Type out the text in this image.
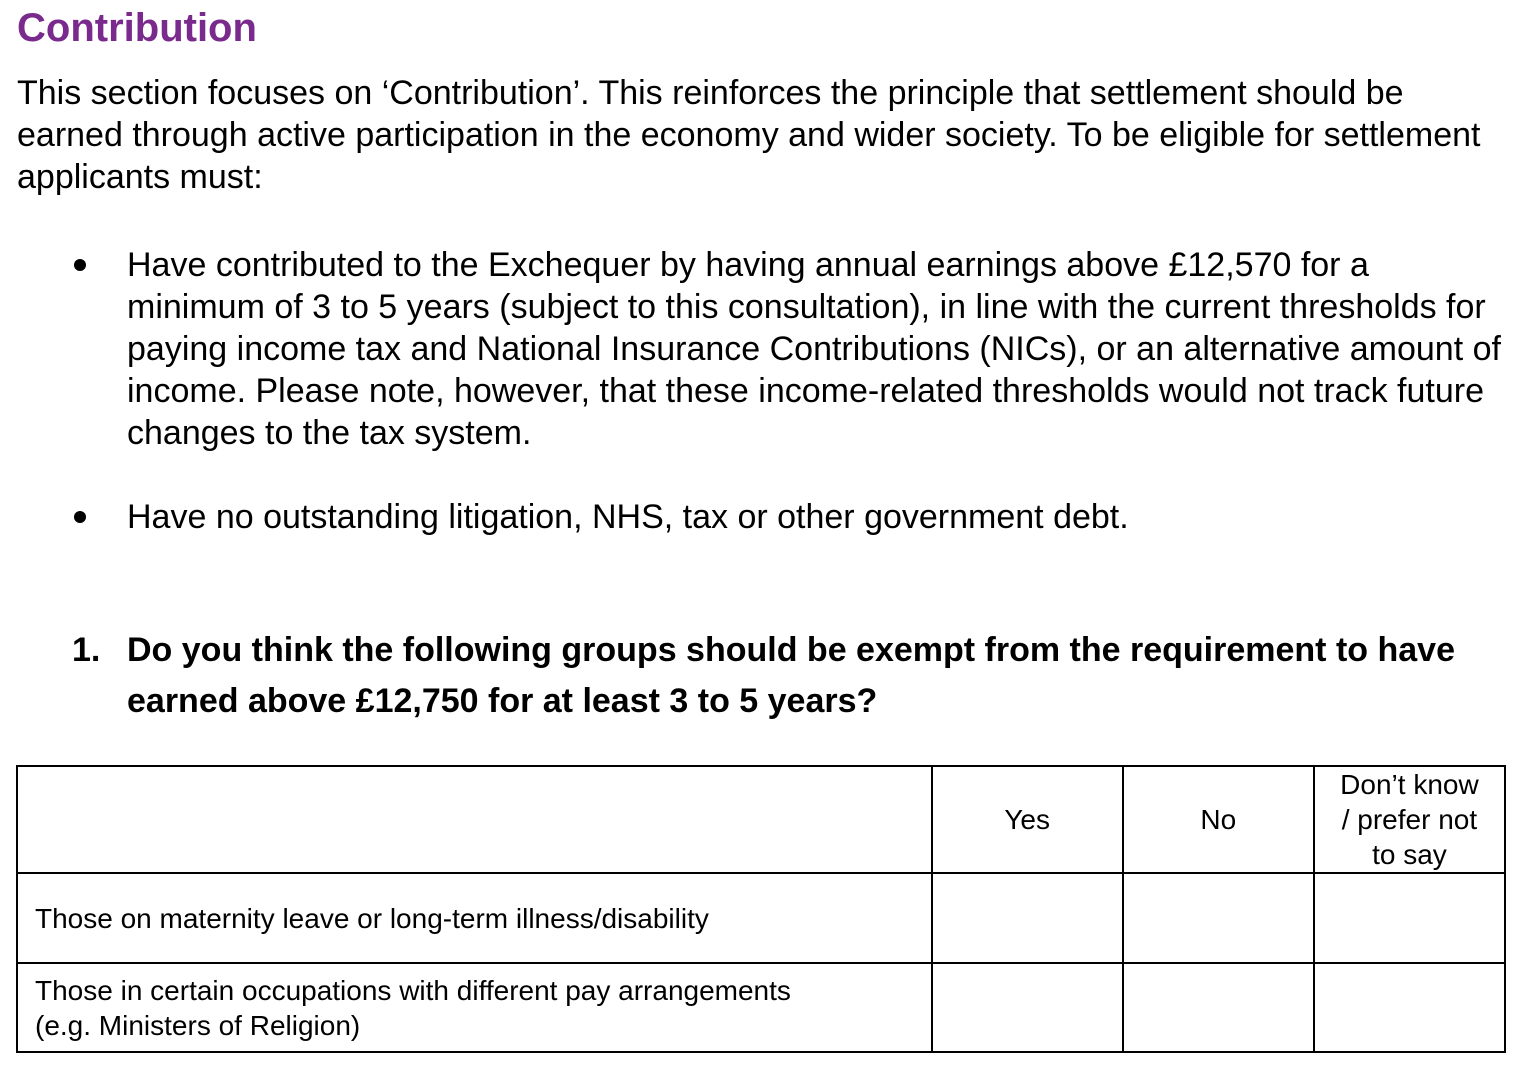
Contribution

This section focuses on ‘Contribution’. This reinforces the principle that settlement should be earned through active participation in the economy and wider society. To be eligible for settlement applicants must:

Have contributed to the Exchequer by having annual earnings above £12,570 for a minimum of 3 to 5 years (subject to this consultation), in line with the current thresholds for paying income tax and National Insurance Contributions (NICs), or an alternative amount of income. Please note, however, that these income-related thresholds would not track future changes to the tax system.
Have no outstanding litigation, NHS, tax or other government debt.
1. Do you think the following groups should be exempt from the requirement to have earned above £12,750 for at least 3 to 5 years?

	Yes	No	Don’t know
/ prefer not
to say

Those on maternity leave or long-term illness/disability			

Those in certain occupations with different pay arrangements
(e.g. Ministers of Religion)			
